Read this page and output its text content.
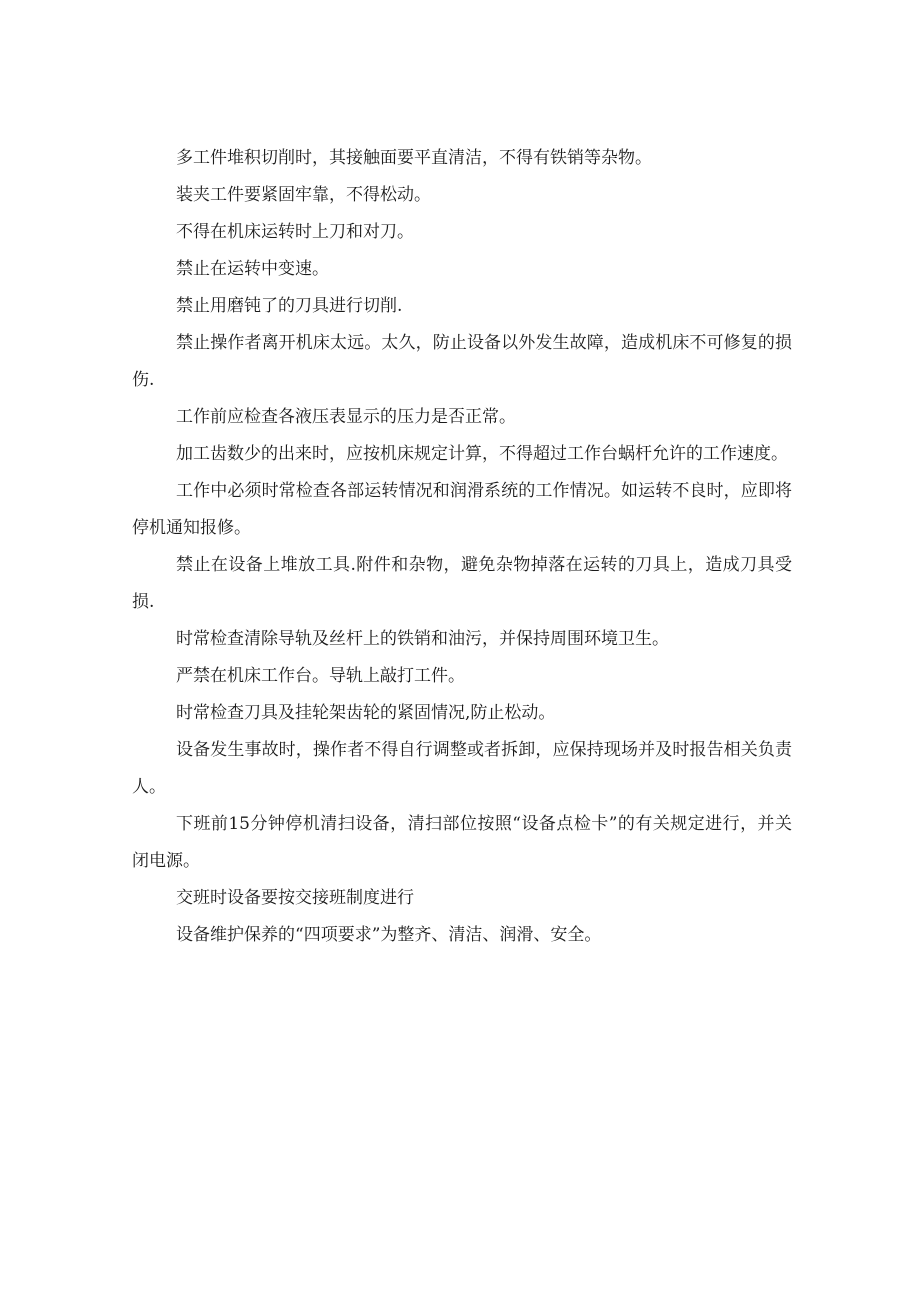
多工件堆积切削时，其接触面要平直清洁，不得有铁销等杂物。

装夹工件要紧固牢靠，不得松动。

不得在机床运转时上刀和对刀。

禁止在运转中变速。

禁止用磨钝了的刀具进行切削.

禁止操作者离开机床太远。太久，防止设备以外发生故障，造成机床不可修复的损伤.

工作前应检查各液压表显示的压力是否正常。

加工齿数少的出来时，应按机床规定计算，不得超过工作台蜗杆允许的工作速度。

工作中必须时常检查各部运转情况和润滑系统的工作情况。如运转不良时，应即将停机通知报修。

禁止在设备上堆放工具.附件和杂物，避免杂物掉落在运转的刀具上，造成刀具受损.

时常检查清除导轨及丝杆上的铁销和油污，并保持周围环境卫生。

严禁在机床工作台。导轨上敲打工件。

时常检查刀具及挂轮架齿轮的紧固情况,防止松动。

设备发生事故时，操作者不得自行调整或者拆卸，应保持现场并及时报告相关负责人。

下班前15分钟停机清扫设备，清扫部位按照“设备点检卡”的有关规定进行，并关闭电源。

交班时设备要按交接班制度进行

设备维护保养的“四项要求”为整齐、清洁、润滑、安全。
